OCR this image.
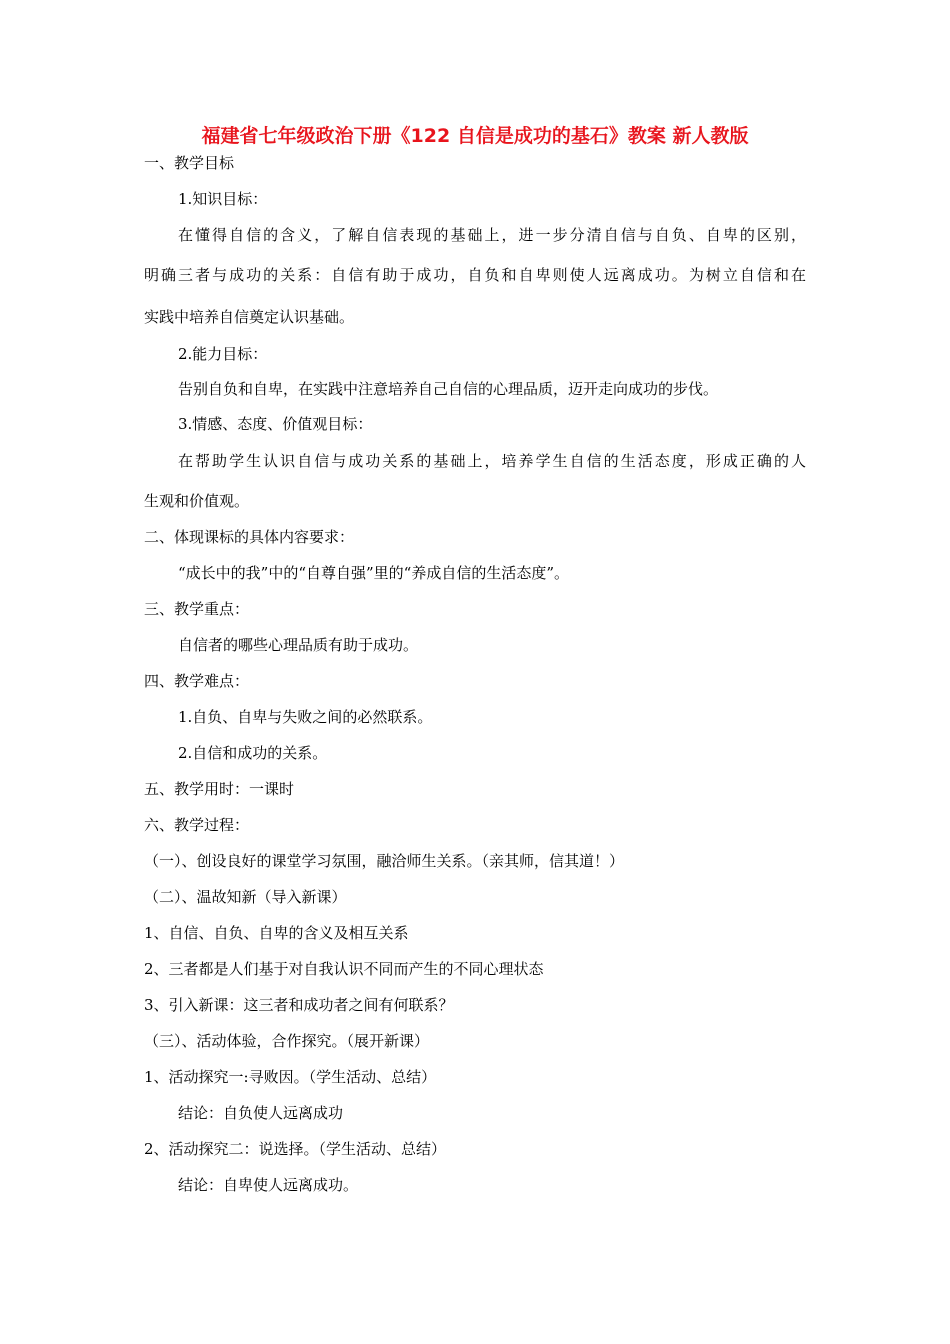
福建省七年级政治下册《122 自信是成功的基石》教案 新人教版
一、教学目标
1.知识目标：
在懂得自信的含义，了解自信表现的基础上，进一步分清自信与自负、自卑的区别，
明确三者与成功的关系：自信有助于成功，自负和自卑则使人远离成功。为树立自信和在
实践中培养自信奠定认识基础。
2.能力目标：
告别自负和自卑，在实践中注意培养自己自信的心理品质，迈开走向成功的步伐。
3.情感、态度、价值观目标：
在帮助学生认识自信与成功关系的基础上，培养学生自信的生活态度，形成正确的人
生观和价值观。
二、体现课标的具体内容要求：
“成长中的我”中的“自尊自强”里的“养成自信的生活态度”。
三、教学重点：
自信者的哪些心理品质有助于成功。
四、教学难点：
1.自负、自卑与失败之间的必然联系。
2.自信和成功的关系。
五、教学用时：一课时
六、教学过程：
（一）、创设良好的课堂学习氛围，融洽师生关系。（亲其师，信其道！）
（二）、温故知新（导入新课）
1、自信、自负、自卑的含义及相互关系
2、三者都是人们基于对自我认识不同而产生的不同心理状态
3、引入新课：这三者和成功者之间有何联系？
（三）、活动体验，合作探究。（展开新课）
1、活动探究一:寻败因。（学生活动、总结）
结论：自负使人远离成功
2、活动探究二：说选择。（学生活动、总结）
结论：自卑使人远离成功。
